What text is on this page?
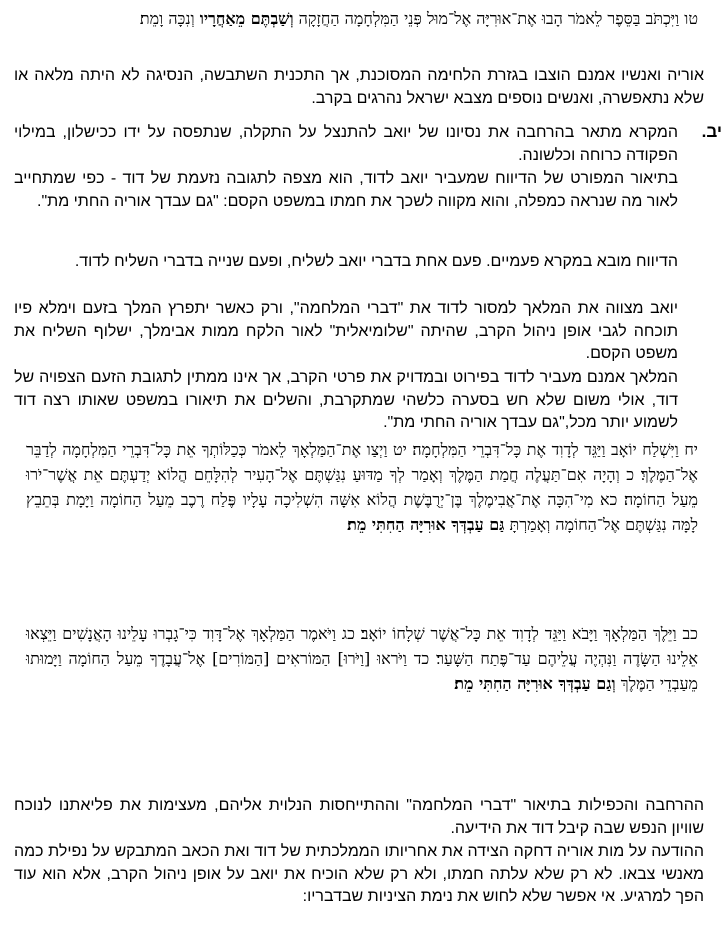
טו וַיִּכְתֹּב בַּסֵּפֶר לֵאמֹר הָבוּ אֶת־אוּרִיָּה אֶל־מוּל פְּנֵי הַמִּלְחָמָה הַחֲזָקָה וְשַׁבְתֶּם מֵאַחֲרָיו וְנִכָּה וָמֵת׃

אוריה ואנשיו אמנם הוצבו בגזרת הלחימה המסוכנת, אך התכנית השתבשה, הנסיגה לא היתה מלאה או שלא נתאפשרה, ואנשים נוספים מצבא ישראל נהרגים בקרב.

יב.

המקרא מתאר בהרחבה את נסיונו של יואב להתנצל על התקלה, שנתפסה על ידו ככישלון, במילוי הפקודה כרוחה וכלשונה.

בתיאור המפורט של הדיווח שמעביר יואב לדוד, הוא מצפה לתגובה נזעמת של דוד - כפי שמתחייב לאור מה שנראה כמפלה, והוא מקווה לשכך את חמתו במשפט הקסם: "גם עבדך אוריה החתי מת".

הדיווח מובא במקרא פעמיים. פעם אחת בדברי יואב לשליח, ופעם שנייה בדברי השליח לדוד.

יואב מצווה את המלאך למסור לדוד את "דברי המלחמה", ורק כאשר יתפרץ המלך בזעם וימלא פיו תוכחה לגבי אופן ניהול הקרב, שהיתה "שלומיאלית" לאור הלקח ממות אבימלך, ישלוף השליח את משפט הקסם.

המלאך אמנם מעביר לדוד בפירוט ובמדויק את פרטי הקרב, אך אינו ממתין לתגובת הזעם הצפויה של דוד, אולי משום שלא חש בסערה כלשהי שמתקרבת, והשלים את תיאורו במשפט שאותו רצה דוד לשמוע יותר מכל,"גם עבדך אוריה החתי מת".

יח וַיִּשְׁלַח יוֹאָב וַיַּגֵּד לְדָוִד אֶת כָּל־דִּבְרֵי הַמִּלְחָמָה׃ יט וַיְצַו אֶת־הַמַּלְאָךְ לֵאמֹר כְּכַלּוֹתְךָ אֵת כָּל־דִּבְרֵי הַמִּלְחָמָה לְדַבֵּר אֶל־הַמֶּלֶךְ׃ כ וְהָיָה אִם־תַּעֲלֶה חֲמַת הַמֶּלֶךְ וְאָמַר לְךָ מַדּוּעַ נִגַּשְׁתֶּם אֶל־הָעִיר לְהִלָּחֵם הֲלוֹא יְדַעְתֶּם אֵת אֲשֶׁר־יֹרוּ מֵעַל הַחוֹמָה׃ כא מִי־הִכָּה אֶת־אֲבִימֶלֶךְ בֶּן־יְרֻבֶּשֶׁת הֲלוֹא אִשָּׁה הִשְׁלִיכָה עָלָיו פֶּלַח רֶכֶב מֵעַל הַחוֹמָה וַיָּמָת בְּתֵבֵץ לָמָּה נִגַּשְׁתֶּם אֶל־הַחוֹמָה וְאָמַרְתָּ גַּם עַבְדְּךָ אוּרִיָּה הַחִתִּי מֵת׃

כב וַיֵּלֶךְ הַמַּלְאָךְ וַיָּבֹא וַיַּגֵּד לְדָוִד אֵת כָּל־אֲשֶׁר שְׁלָחוֹ יוֹאָב׃ כג וַיֹּאמֶר הַמַּלְאָךְ אֶל־דָּוִד כִּי־גָבְרוּ עָלֵינוּ הָאֲנָשִׁים וַיֵּצְאוּ אֵלֵינוּ הַשָּׂדֶה וַנִּהְיֶה עֲלֵיהֶם עַד־פֶּתַח הַשָּׁעַר׃ כד וַיֹּראוּ [וַיֹּרוּ] הַמּוֹראִים [הַמּוֹרִים] אֶל־עֲבָדֶךָ מֵעַל הַחוֹמָה וַיָּמוּתוּ מֵעַבְדֵי הַמֶּלֶךְ וְגַם עַבְדְּךָ אוּרִיָּה הַחִתִּי מֵת׃

ההרחבה והכפילות בתיאור "דברי המלחמה" וההתייחסות הנלוית אליהם, מעצימות את פליאתנו לנוכח שוויון הנפש שבה קיבל דוד את הידיעה.

ההודעה על מות אוריה דחקה הצידה את אחריותו הממלכתית של דוד ואת הכאב המתבקש על נפילת כמה מאנשי צבאו. לא רק שלא עלתה חמתו, ולא רק שלא הוכיח את יואב על אופן ניהול הקרב, אלא הוא עוד הפך למרגיע. אי אפשר שלא לחוש את נימת הציניות שבדבריו:
